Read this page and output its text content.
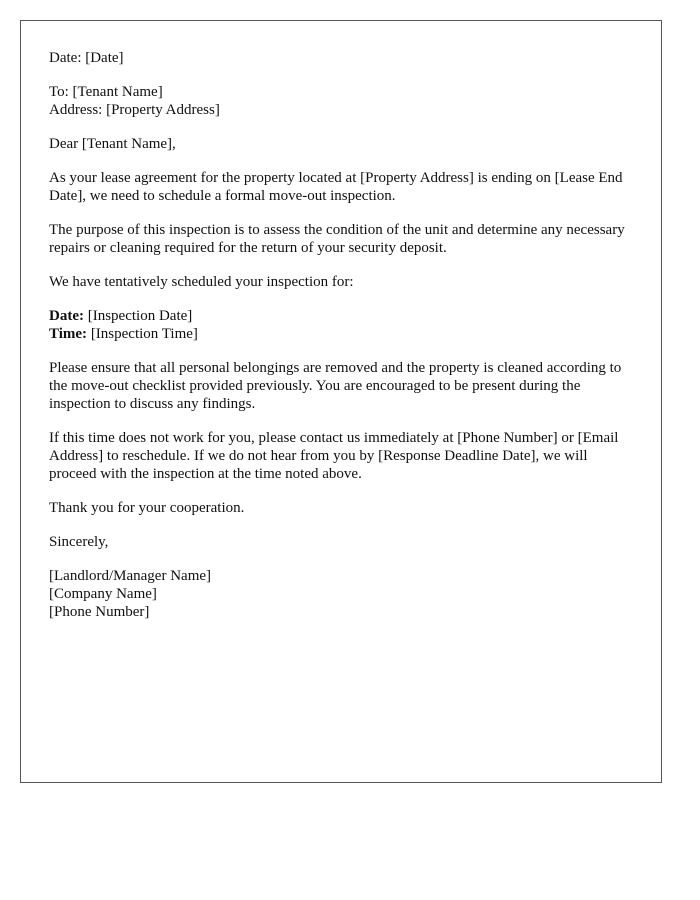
Date: [Date]

To: [Tenant Name]
Address: [Property Address]

Dear [Tenant Name],

As your lease agreement for the property located at [Property Address] is ending on [Lease End Date], we need to schedule a formal move-out inspection.

The purpose of this inspection is to assess the condition of the unit and determine any necessary repairs or cleaning required for the return of your security deposit.

We have tentatively scheduled your inspection for:

Date: [Inspection Date]
Time: [Inspection Time]

Please ensure that all personal belongings are removed and the property is cleaned according to the move-out checklist provided previously. You are encouraged to be present during the inspection to discuss any findings.

If this time does not work for you, please contact us immediately at [Phone Number] or [Email Address] to reschedule. If we do not hear from you by [Response Deadline Date], we will proceed with the inspection at the time noted above.

Thank you for your cooperation.

Sincerely,

[Landlord/Manager Name]
[Company Name]
[Phone Number]
